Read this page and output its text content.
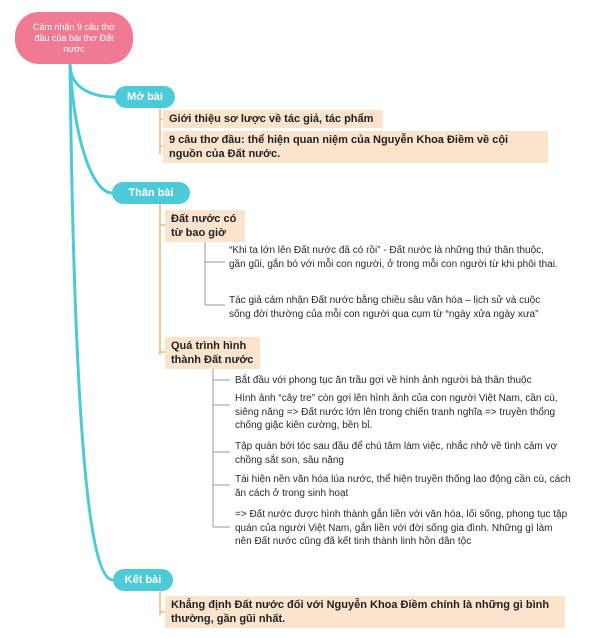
Cảm nhận 9 câu thơ đầu của bài thơ Đất nước
Mở bài
Giới thiệu sơ lược về tác giả, tác phẩm
9 câu thơ đầu: thể hiện quan niệm của Nguyễn Khoa Điềm về cội nguồn của Đất nước.
Thân bài
Đất nước có từ bao giờ
“Khi ta lớn lên Đất nước đã có rồi” - Đất nước là những thứ thân thuộc, gần gũi, gắn bó với mỗi con người, ở trong mỗi con người từ khi phôi thai.
Tác giả cảm nhận Đất nước bằng chiều sâu văn hóa – lịch sử và cuộc sống đời thường của mỗi con người qua cụm từ “ngày xửa ngày xưa”
Quá trình hình thành Đất nước
Bắt đầu với phong tục ăn trầu gợi về hình ảnh người bà thân thuộc
Hình ảnh “cây tre” còn gợi lên hình ảnh của con người Việt Nam, cần cù, siêng năng => Đất nước lớn lên trong chiến tranh nghĩa => truyền thống chống giặc kiên cường, bền bỉ.
Tập quán bới tóc sau đầu để chú tâm làm việc, nhắc nhở về tình cảm vợ chồng sắt son, sâu nặng
Tái hiện nền văn hóa lúa nước, thể hiện truyền thống lao động cần cù, cách ăn cách ở trong sinh hoạt
=> Đất nước được hình thành gắn liền với văn hóa, lối sống, phong tục tập quán của người Việt Nam, gắn liền với đời sống gia đình. Những gì làm nên Đất nước cũng đã kết tinh thành linh hồn dân tộc
Kết bài
Khẳng định Đất nước đối với Nguyễn Khoa Điềm chính là những gì bình thường, gần gũi nhất.
